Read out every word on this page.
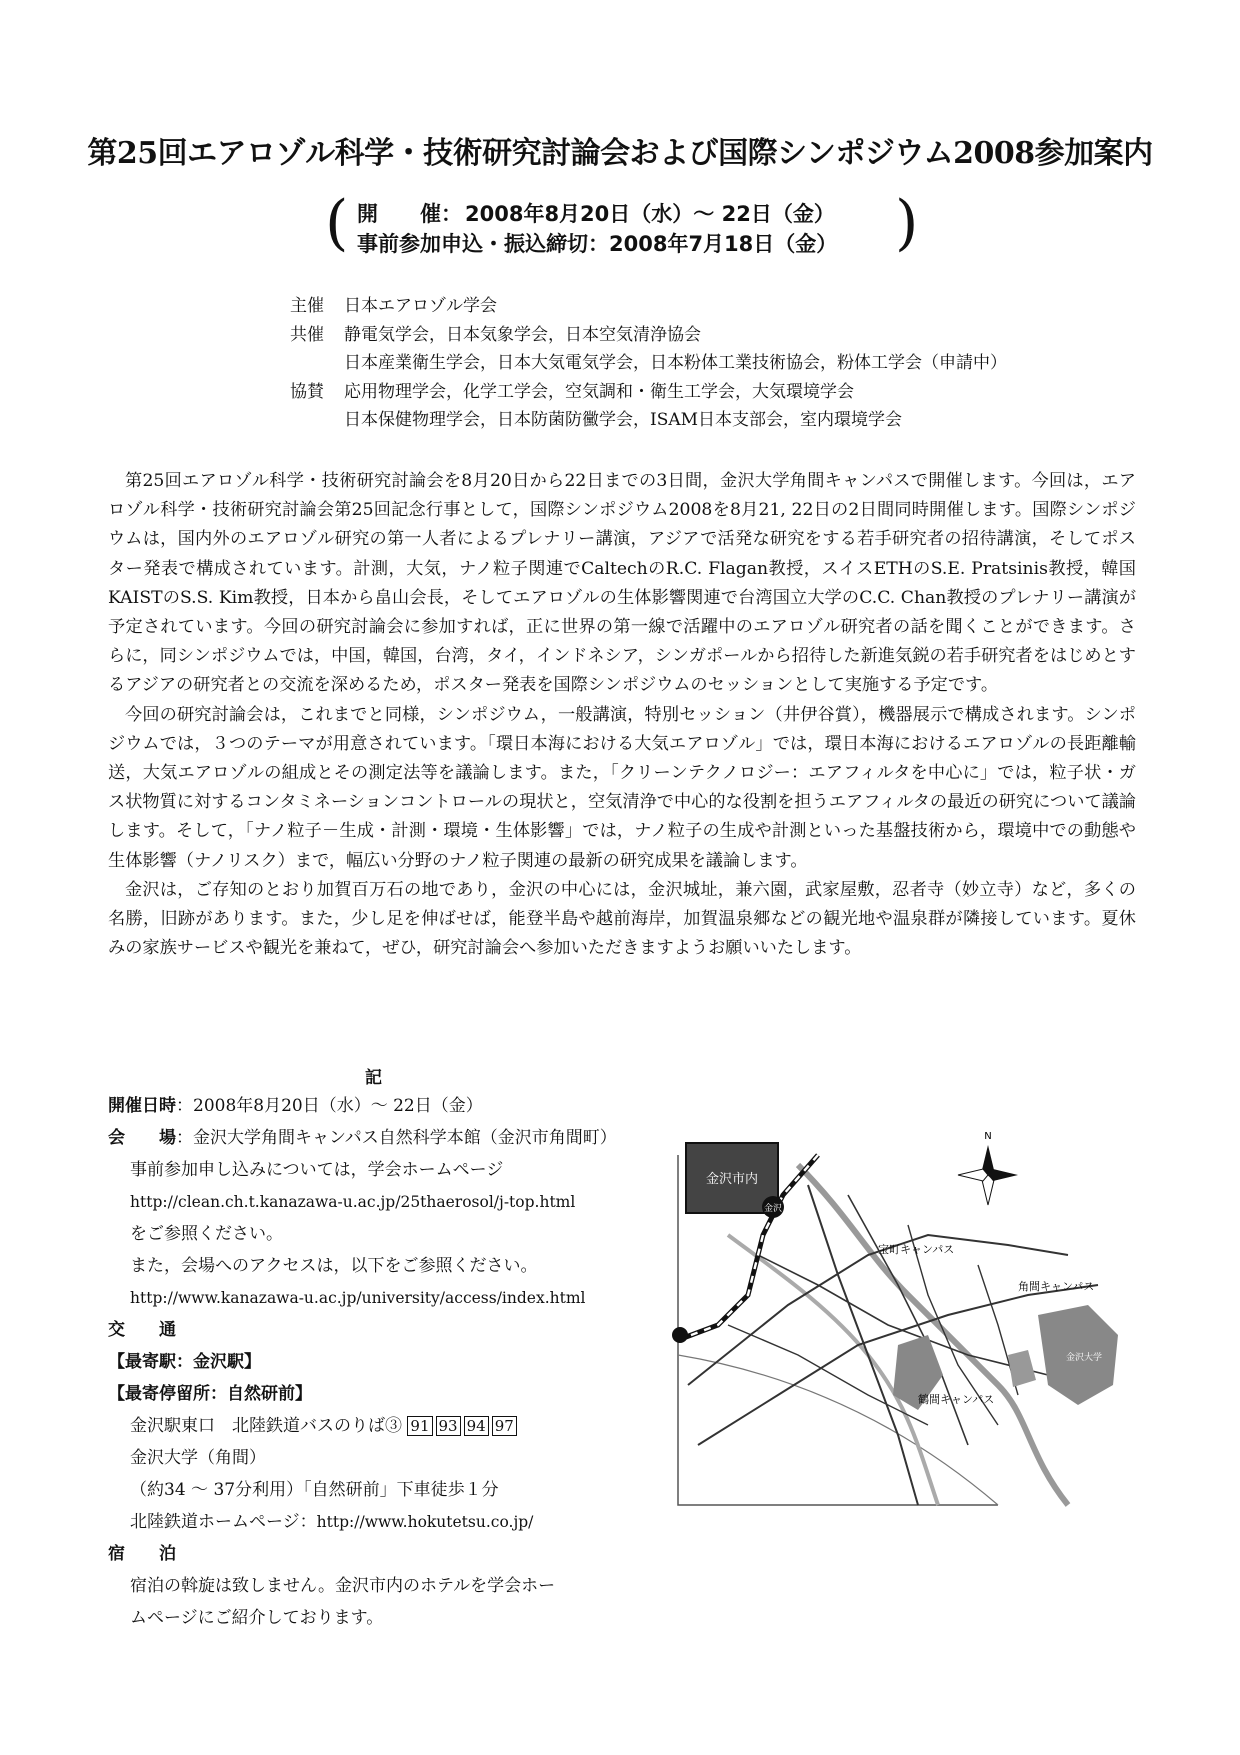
第25回エアロゾル科学・技術研究討論会および国際シンポジウム2008参加案内
( 開　　催： 2008年8月20日（水）～ 22日（金）
事前参加申込・振込締切：2008年7月18日（金） )
主催	日本エアロゾル学会
共催	静電気学会，日本気象学会，日本空気清浄協会
日本産業衛生学会，日本大気電気学会，日本粉体工業技術協会，粉体工学会（申請中）
協賛	応用物理学会，化学工学会，空気調和・衛生工学会，大気環境学会
日本保健物理学会，日本防菌防黴学会，ISAM日本支部会，室内環境学会

第25回エアロゾル科学・技術研究討論会を8月20日から22日までの3日間，金沢大学角間キャンパスで開催します。今回は，エアロゾル科学・技術研究討論会第25回記念行事として，国際シンポジウム2008を8月21, 22日の2日間同時開催します。国際シンポジウムは，国内外のエアロゾル研究の第一人者によるプレナリー講演，アジアで活発な研究をする若手研究者の招待講演，そしてポスター発表で構成されています。計測，大気，ナノ粒子関連でCaltechのR.C. Flagan教授，スイスETHのS.E. Pratsinis教授，韓国KAISTのS.S. Kim教授，日本から畠山会長，そしてエアロゾルの生体影響関連で台湾国立大学のC.C. Chan教授のプレナリー講演が予定されています。今回の研究討論会に参加すれば，正に世界の第一線で活躍中のエアロゾル研究者の話を聞くことができます。さらに，同シンポジウムでは，中国，韓国，台湾，タイ，インドネシア，シンガポールから招待した新進気鋭の若手研究者をはじめとするアジアの研究者との交流を深めるため，ポスター発表を国際シンポジウムのセッションとして実施する予定です。

今回の研究討論会は，これまでと同様，シンポジウム，一般講演，特別セッション（井伊谷賞），機器展示で構成されます。シンポジウムでは，３つのテーマが用意されています。「環日本海における大気エアロゾル」では，環日本海におけるエアロゾルの長距離輸送，大気エアロゾルの組成とその測定法等を議論します。また，「クリーンテクノロジー：エアフィルタを中心に」では，粒子状・ガス状物質に対するコンタミネーションコントロールの現状と，空気清浄で中心的な役割を担うエアフィルタの最近の研究について議論します。そして，「ナノ粒子－生成・計測・環境・生体影響」では，ナノ粒子の生成や計測といった基盤技術から，環境中での動態や生体影響（ナノリスク）まで，幅広い分野のナノ粒子関連の最新の研究成果を議論します。

金沢は，ご存知のとおり加賀百万石の地であり，金沢の中心には，金沢城址，兼六園，武家屋敷，忍者寺（妙立寺）など，多くの名勝，旧跡があります。また，少し足を伸ばせば，能登半島や越前海岸，加賀温泉郷などの観光地や温泉群が隣接しています。夏休みの家族サービスや観光を兼ねて，ぜひ，研究討論会へ参加いただきますようお願いいたします。

記
開催日時：2008年8月20日（水）～ 22日（金）
会　　場：金沢大学角間キャンパス自然科学本館（金沢市角間町）
事前参加申し込みについては，学会ホームページ
http://clean.ch.t.kanazawa-u.ac.jp/25thaerosol/j-top.html
をご参照ください。
また，会場へのアクセスは，以下をご参照ください。
http://www.kanazawa-u.ac.jp/university/access/index.html
交　　通
【最寄駅：金沢駅】
【最寄停留所：自然研前】
金沢駅東口　北陸鉄道バスのりば③ 91 93 94 97
金沢大学（角間）
（約34 ～ 37分利用）「自然研前」下車徒歩１分
北陸鉄道ホームページ：http://www.hokutetsu.co.jp/
宿　　泊
宿泊の斡旋は致しません。金沢市内のホテルを学会ホー
ムページにご紹介しております。
金沢市内
金沢
N
宝町キャンパス
角間キャンパス
鶴間キャンパス
金沢大学
